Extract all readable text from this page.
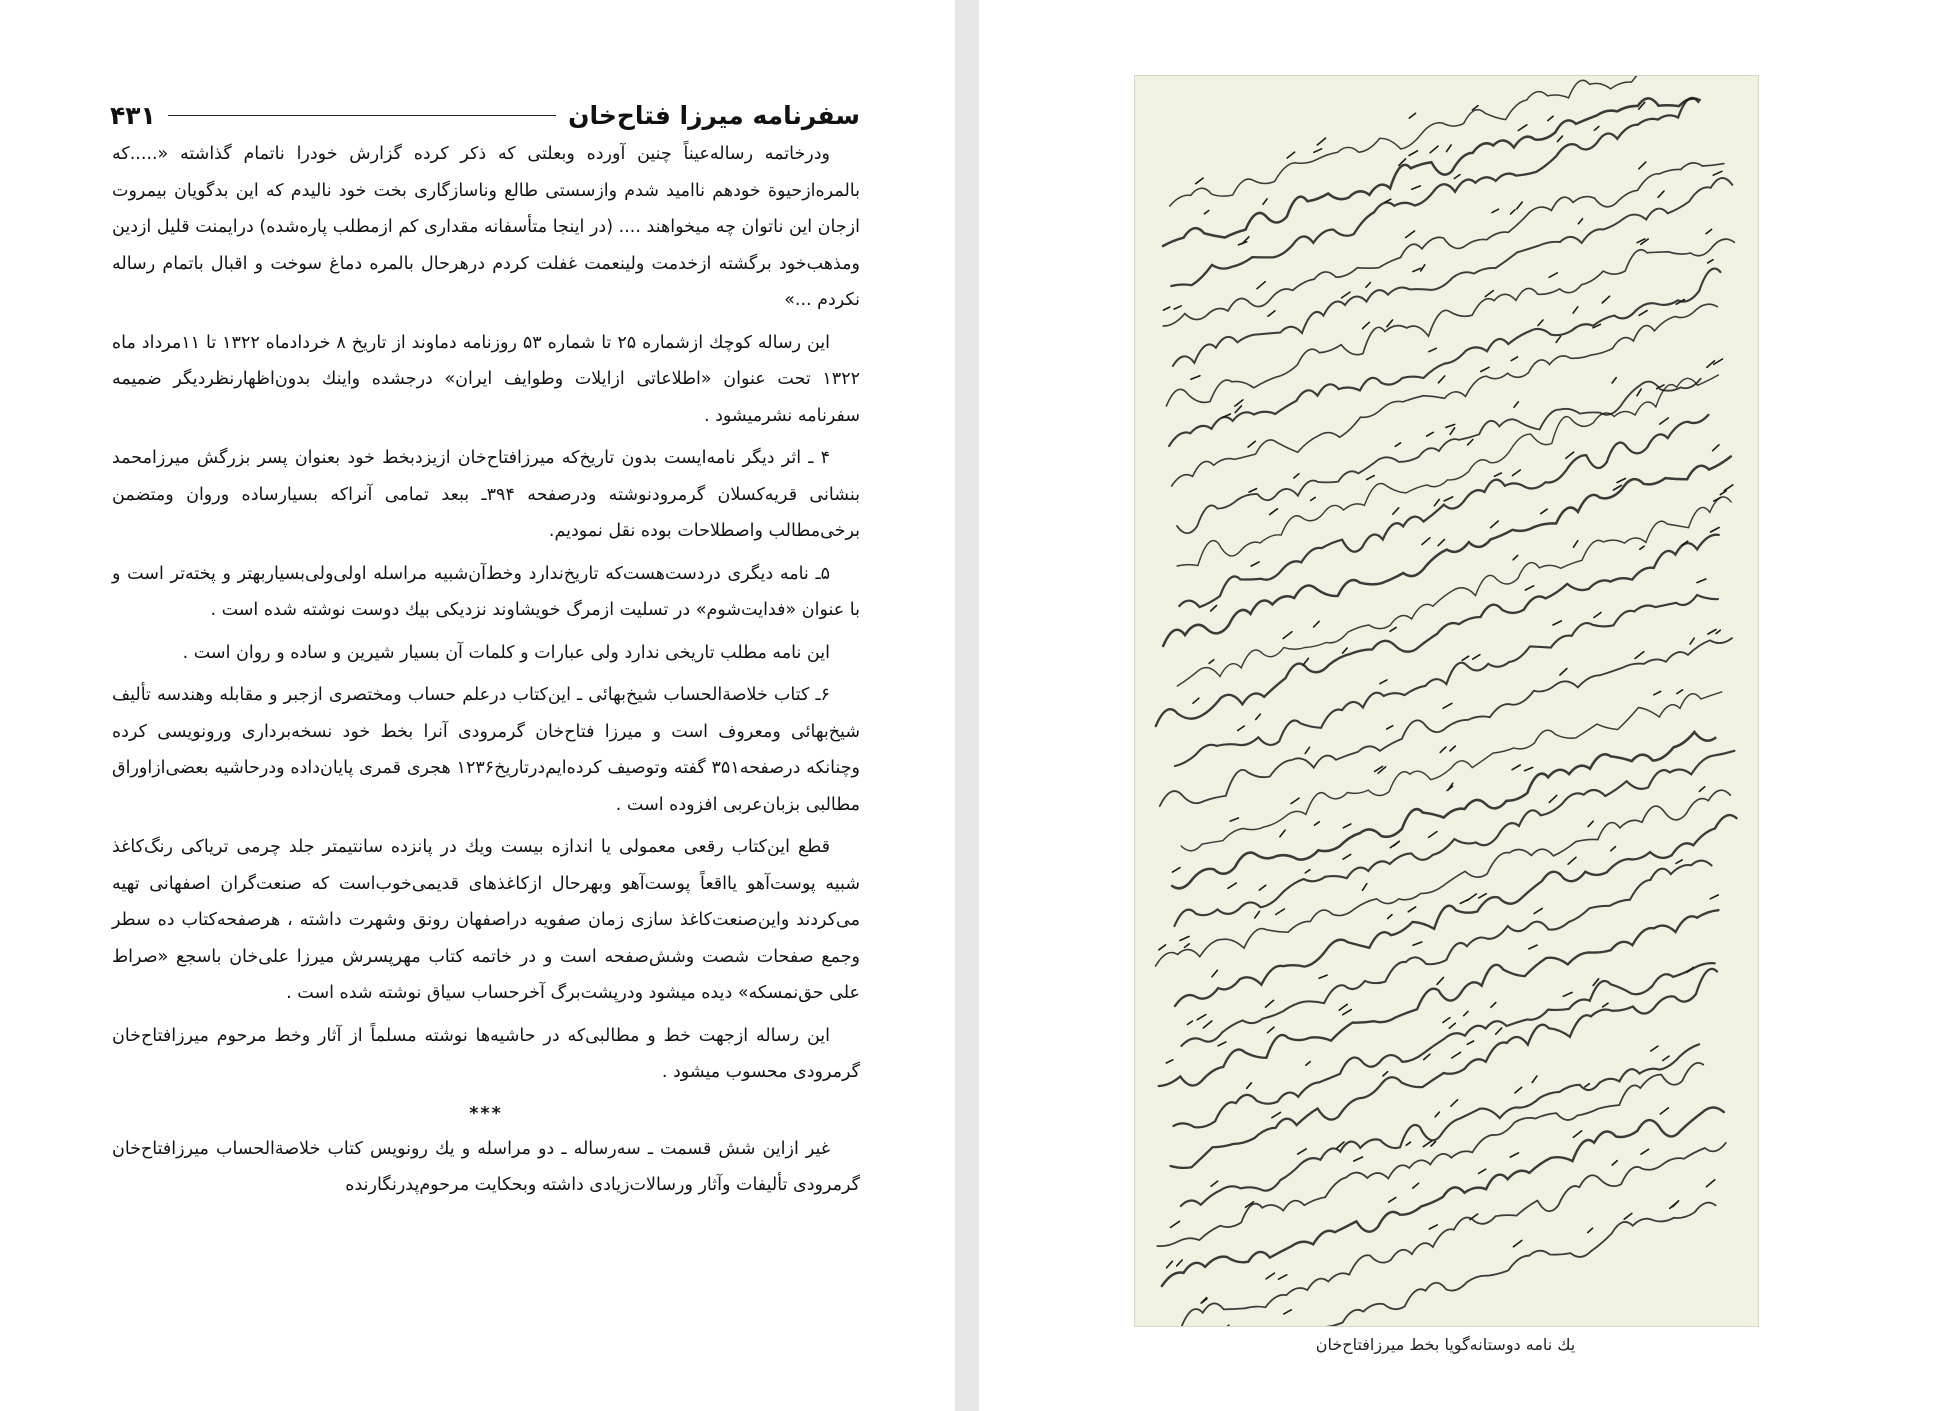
سفرنامه میرزا فتاح‌خان
۴۳۱

ودرخاتمه رساله‌عیناً چنین آورده وبعلتی که ذکر کرده گزارش خودرا ناتمام گذاشته «.....که بالمره‌ازحیوة خودهم ناامید شدم وازسستی طالع وناسازگاری بخت خود نالیدم که این بدگویان بیمروت ازجان این ناتوان چه میخواهند .... (در اینجا متأسفانه مقداری کم ازمطلب پاره‌شده) درایمنت قلیل ازدین ومذهب‌خود برگشته ازخدمت ولینعمت غفلت کردم درهرحال بالمره دماغ سوخت و اقبال باتمام رساله نکردم ...»

این رساله کوچك ازشماره ۲۵ تا شماره ۵۳ روزنامه دماوند از تاریخ ۸ خردادماه ۱۳۲۲ تا ۱۱مرداد ماه ۱۳۲۲ تحت عنوان «اطلاعاتی ازایلات وطوایف ایران» درجشده واینك بدون‌اظهارنظردیگر ضمیمه سفرنامه نشرمیشود .

۴ ـ اثر دیگر نامه‌ایست بدون تاریخ‌که میرزافتاح‌خان ازیزدبخط خود بعنوان پسر بزرگش میرزامحمد بنشانی قریه‌کسلان گرمرودنوشته ودرصفحه ۳۹۴ـ ببعد تمامی آنراکه بسیارساده وروان ومتضمن برخی‌مطالب واصطلاحات بوده نقل نمودیم.

۵ـ نامه دیگری دردست‌هست‌که تاریخ‌ندارد وخط‌آن‌شبیه مراسله اولی‌ولی‌بسیاربهتر و پخته‌تر است و با عنوان «فدایت‌شوم» در تسلیت ازمرگ خویشاوند نزدیکی بیك دوست نوشته شده است .

این نامه مطلب تاریخی ندارد ولی عبارات و کلمات آن بسیار شیرین و ساده و روان است .

۶ـ کتاب خلاصةالحساب شیخ‌بهائی ـ این‌کتاب درعلم حساب ومختصری ازجبر و مقابله وهندسه تألیف شیخ‌بهائی ومعروف است و میرزا فتاح‌خان گرمرودی آنرا بخط خود نسخه‌برداری ورونویسی کرده وچنانکه درصفحه۳۵۱ گفته وتوصیف کرده‌ایم‌درتاریخ۱۲۳۶ هجری قمری پایان‌داده ودرحاشیه بعضی‌ازاوراق مطالبی بزبان‌عربی افزوده است .

قطع این‌کتاب رقعی معمولی یا اندازه بیست ویك در پانزده سانتیمتر جلد چرمی تریاکی رنگ‌کاغذ شبیه پوست‌آهو یااقعاً پوست‌آهو وبهرحال ازکاغذهای قدیمی‌خوب‌است که صنعت‌گران اصفهانی تهیه می‌کردند واین‌صنعت‌کاغذ سازی زمان صفویه دراصفهان رونق وشهرت داشته ، هرصفحه‌کتاب ده سطر وجمع صفحات شصت وشش‌صفحه است و در خاتمه کتاب مهرپسرش میرزا علی‌خان باسجع «صراط علی حق‌نمسکه» دیده میشود ودرپشت‌برگ آخرحساب سیاق نوشته شده است .

این رساله ازجهت خط و مطالبی‌که در حاشیه‌ها نوشته مسلماً از آثار وخط مرحوم میرزافتاح‌خان گرمرودی محسوب میشود .

***

غیر ازاین شش قسمت ـ سه‌رساله ـ دو مراسله و یك رونویس کتاب خلاصةالحساب میرزافتاح‌خان گرمرودی تألیفات وآثار ورسالات‌زیادی داشته وبحکایت مرحوم‌پدرنگارنده

یك نامه دوستانه‌گویا بخط میرزافتاح‌خان
